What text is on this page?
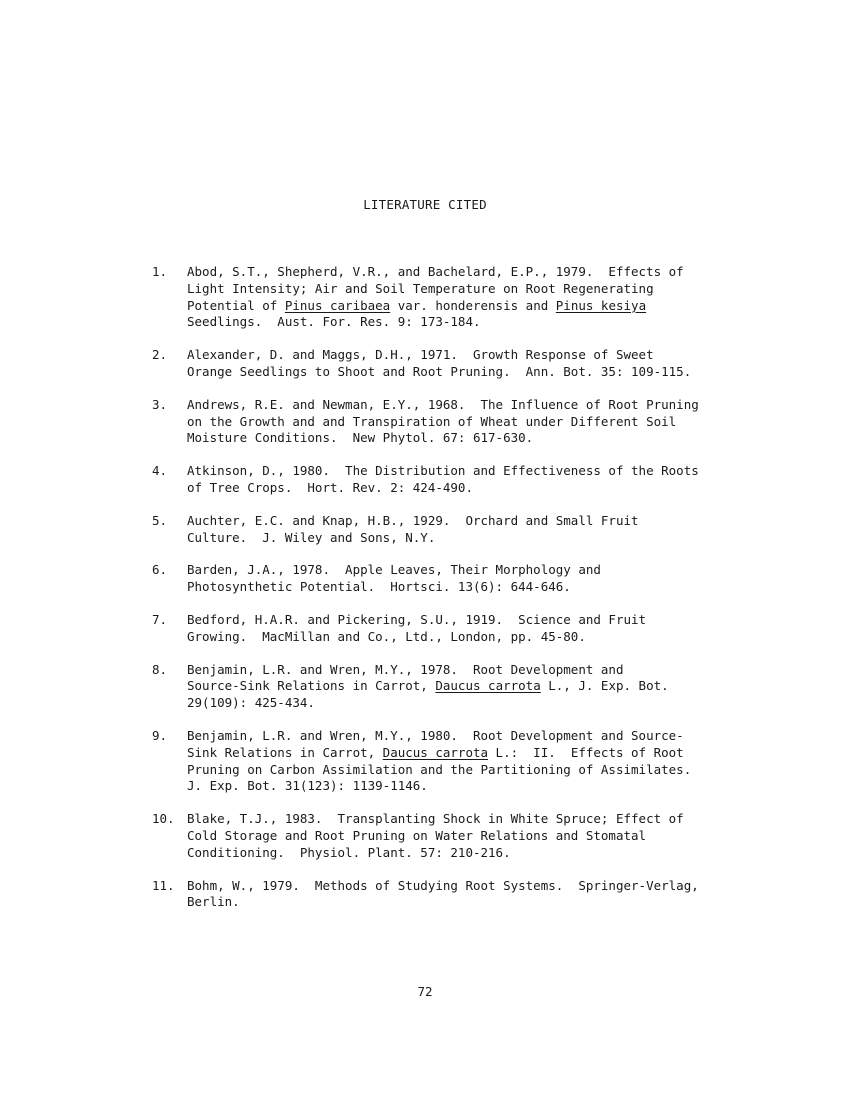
LITERATURE CITED
1.	Abod, S.T., Shepherd, V.R., and Bachelard, E.P., 1979.  Effects of
Light Intensity; Air and Soil Temperature on Root Regenerating
Potential of Pinus caribaea var. honderensis and Pinus kesiya
Seedlings.  Aust. For. Res. 9: 173-184.
2.	Alexander, D. and Maggs, D.H., 1971.  Growth Response of Sweet
Orange Seedlings to Shoot and Root Pruning.  Ann. Bot. 35: 109-115.
3.	Andrews, R.E. and Newman, E.Y., 1968.  The Influence of Root Pruning
on the Growth and and Transpiration of Wheat under Different Soil
Moisture Conditions.  New Phytol. 67: 617-630.
4.	Atkinson, D., 1980.  The Distribution and Effectiveness of the Roots
of Tree Crops.  Hort. Rev. 2: 424-490.
5.	Auchter, E.C. and Knap, H.B., 1929.  Orchard and Small Fruit
Culture.  J. Wiley and Sons, N.Y.
6.	Barden, J.A., 1978.  Apple Leaves, Their Morphology and
Photosynthetic Potential.  Hortsci. 13(6): 644-646.
7.	Bedford, H.A.R. and Pickering, S.U., 1919.  Science and Fruit
Growing.  MacMillan and Co., Ltd., London, pp. 45-80.
8.	Benjamin, L.R. and Wren, M.Y., 1978.  Root Development and
Source-Sink Relations in Carrot, Daucus carrota L., J. Exp. Bot.
29(109): 425-434.
9.	Benjamin, L.R. and Wren, M.Y., 1980.  Root Development and Source-
Sink Relations in Carrot, Daucus carrota L.:  II.  Effects of Root
Pruning on Carbon Assimilation and the Partitioning of Assimilates.
J. Exp. Bot. 31(123): 1139-1146.
10. Blake, T.J., 1983.  Transplanting Shock in White Spruce; Effect of
Cold Storage and Root Pruning on Water Relations and Stomatal
Conditioning.  Physiol. Plant. 57: 210-216.
11. Bohm, W., 1979.  Methods of Studying Root Systems.  Springer-Verlag,
Berlin.
72
